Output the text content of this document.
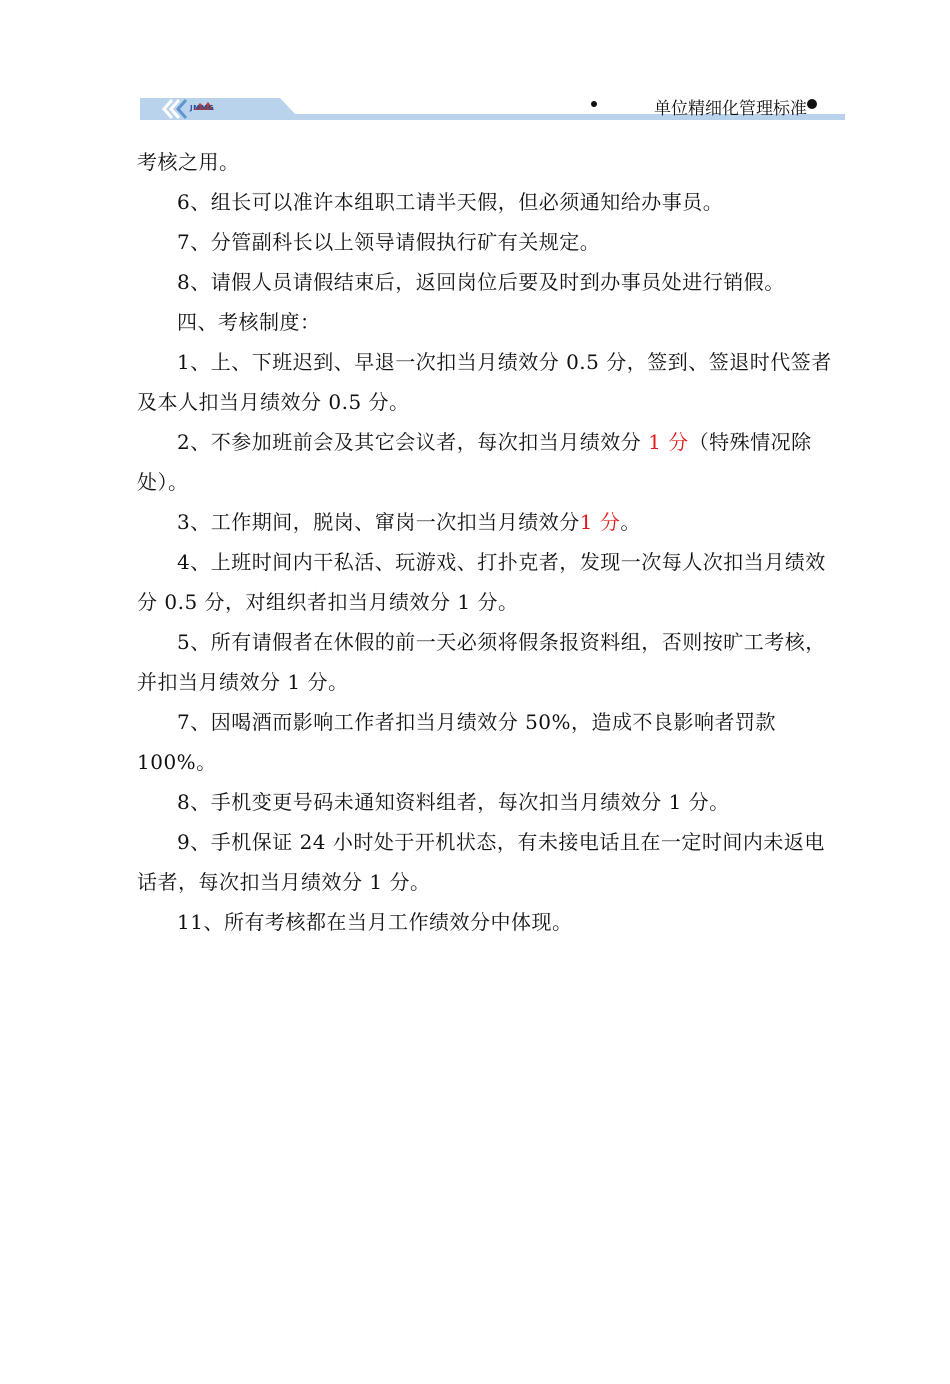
JMMG	单位精细化管理标准

考核之用。

6、组长可以准许本组职工请半天假，但必须通知给办事员。

7、分管副科长以上领导请假执行矿有关规定。

8、请假人员请假结束后，返回岗位后要及时到办事员处进行销假。

四、考核制度：

1、上、下班迟到、早退一次扣当月绩效分 0.5 分，签到、签退时代签者及本人扣当月绩效分 0.5 分。

2、不参加班前会及其它会议者，每次扣当月绩效分 1 分（特殊情况除处）。

3、工作期间，脱岗、窜岗一次扣当月绩效分1 分。

4、上班时间内干私活、玩游戏、打扑克者，发现一次每人次扣当月绩效分 0.5 分，对组织者扣当月绩效分 1 分。

5、所有请假者在休假的前一天必须将假条报资料组，否则按旷工考核，并扣当月绩效分 1 分。

7、因喝酒而影响工作者扣当月绩效分 50%，造成不良影响者罚款 100%。

8、手机变更号码未通知资料组者，每次扣当月绩效分 1 分。

9、手机保证 24 小时处于开机状态，有未接电话且在一定时间内未返电话者，每次扣当月绩效分 1 分。

11、所有考核都在当月工作绩效分中体现。
